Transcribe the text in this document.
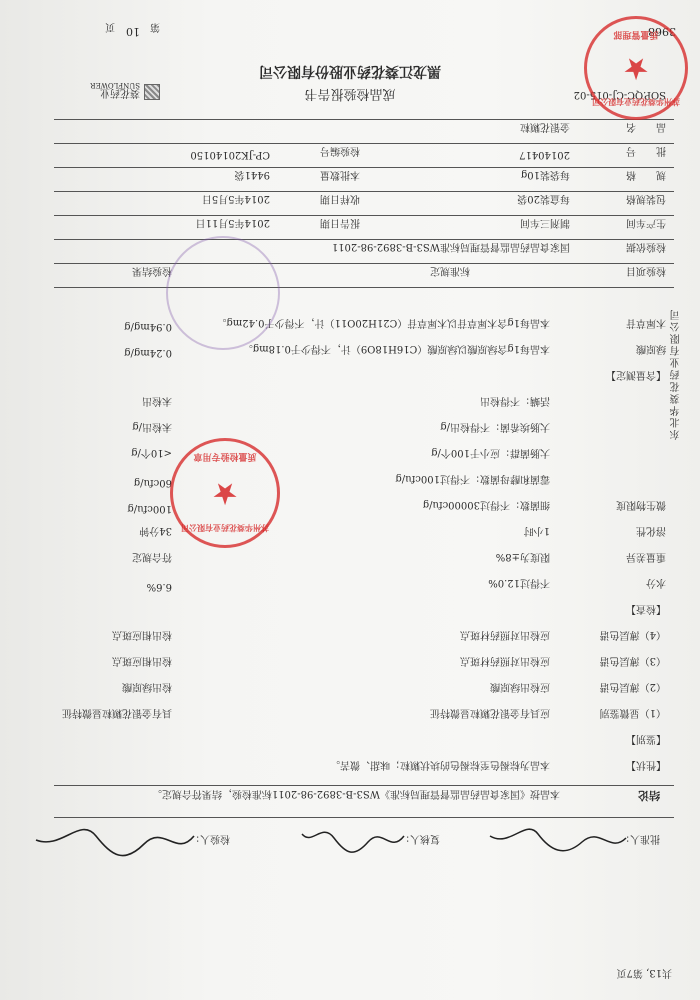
共13, 第7页
批准人：
复核人：
检验人：
结论
本品按《国家食品药品监督管理局标准》WS3-B-3892-98-2011标准检验，结果符合规定。
【性状】
本品为棕褐色至棕褐色的块状颗粒；味甜、微苦。
【鉴别】
（1）显微鉴别
应具有金银花颗粒显微特征
具有金银花颗粒显微特征
（2）薄层色谱
应检出绿原酸
检出绿原酸
（3）薄层色谱
应检出对照药材斑点
检出相应斑点
（4）薄层色谱
应检出对照药材斑点
检出相应斑点
【检查】
水分
不得过12.0%
6.6%
重量差异
限度为±8%
符合规定
溶化性
1小时
34分钟
微生物限度
细菌数：不得过30000cfu/g
100cfu/g
霉菌和酵母菌数：不得过100cfu/g
60cfu/g
大肠菌群：应小于100个/g
<10个/g
大肠埃希菌：不得检出/g
未检出/g
活螨：不得检出
未检出
【含量测定】
绿原酸
本品每1g含绿原酸以绿原酸（C16H18O9）计，不得少于0.18mg。
0.24mg/g
木犀草苷
本品每1g含木犀草苷以木犀草苷（C21H20O11）计，不得少于0.42mg。
0.94mg/g
检验项目
标准规定
检验结果
检验依据
国家食品药品监督管理局标准WS3-B-3892-98-2011
生产车间
制剂三车间
报告日期
2014年5月11日
包装规格
每盒装20袋
收样日期
2014年5月5日
规　　格
每袋装10g
本批数量
9441袋
批　　号
20140417
检验编号
CP-JK20140150
品　　名
金银花颗粒
成品检验报告书
黑龙江葵花药业股份有限公司
SOP.QC-CJ-015-02
葵花药业
SUNFLOWER
3968
第
10
页
东北华葵花药业有限公司
苏州华葵花药业有限公司
★
质量管理部
苏州华葵花药业有限公司
★
质量检验专用章
